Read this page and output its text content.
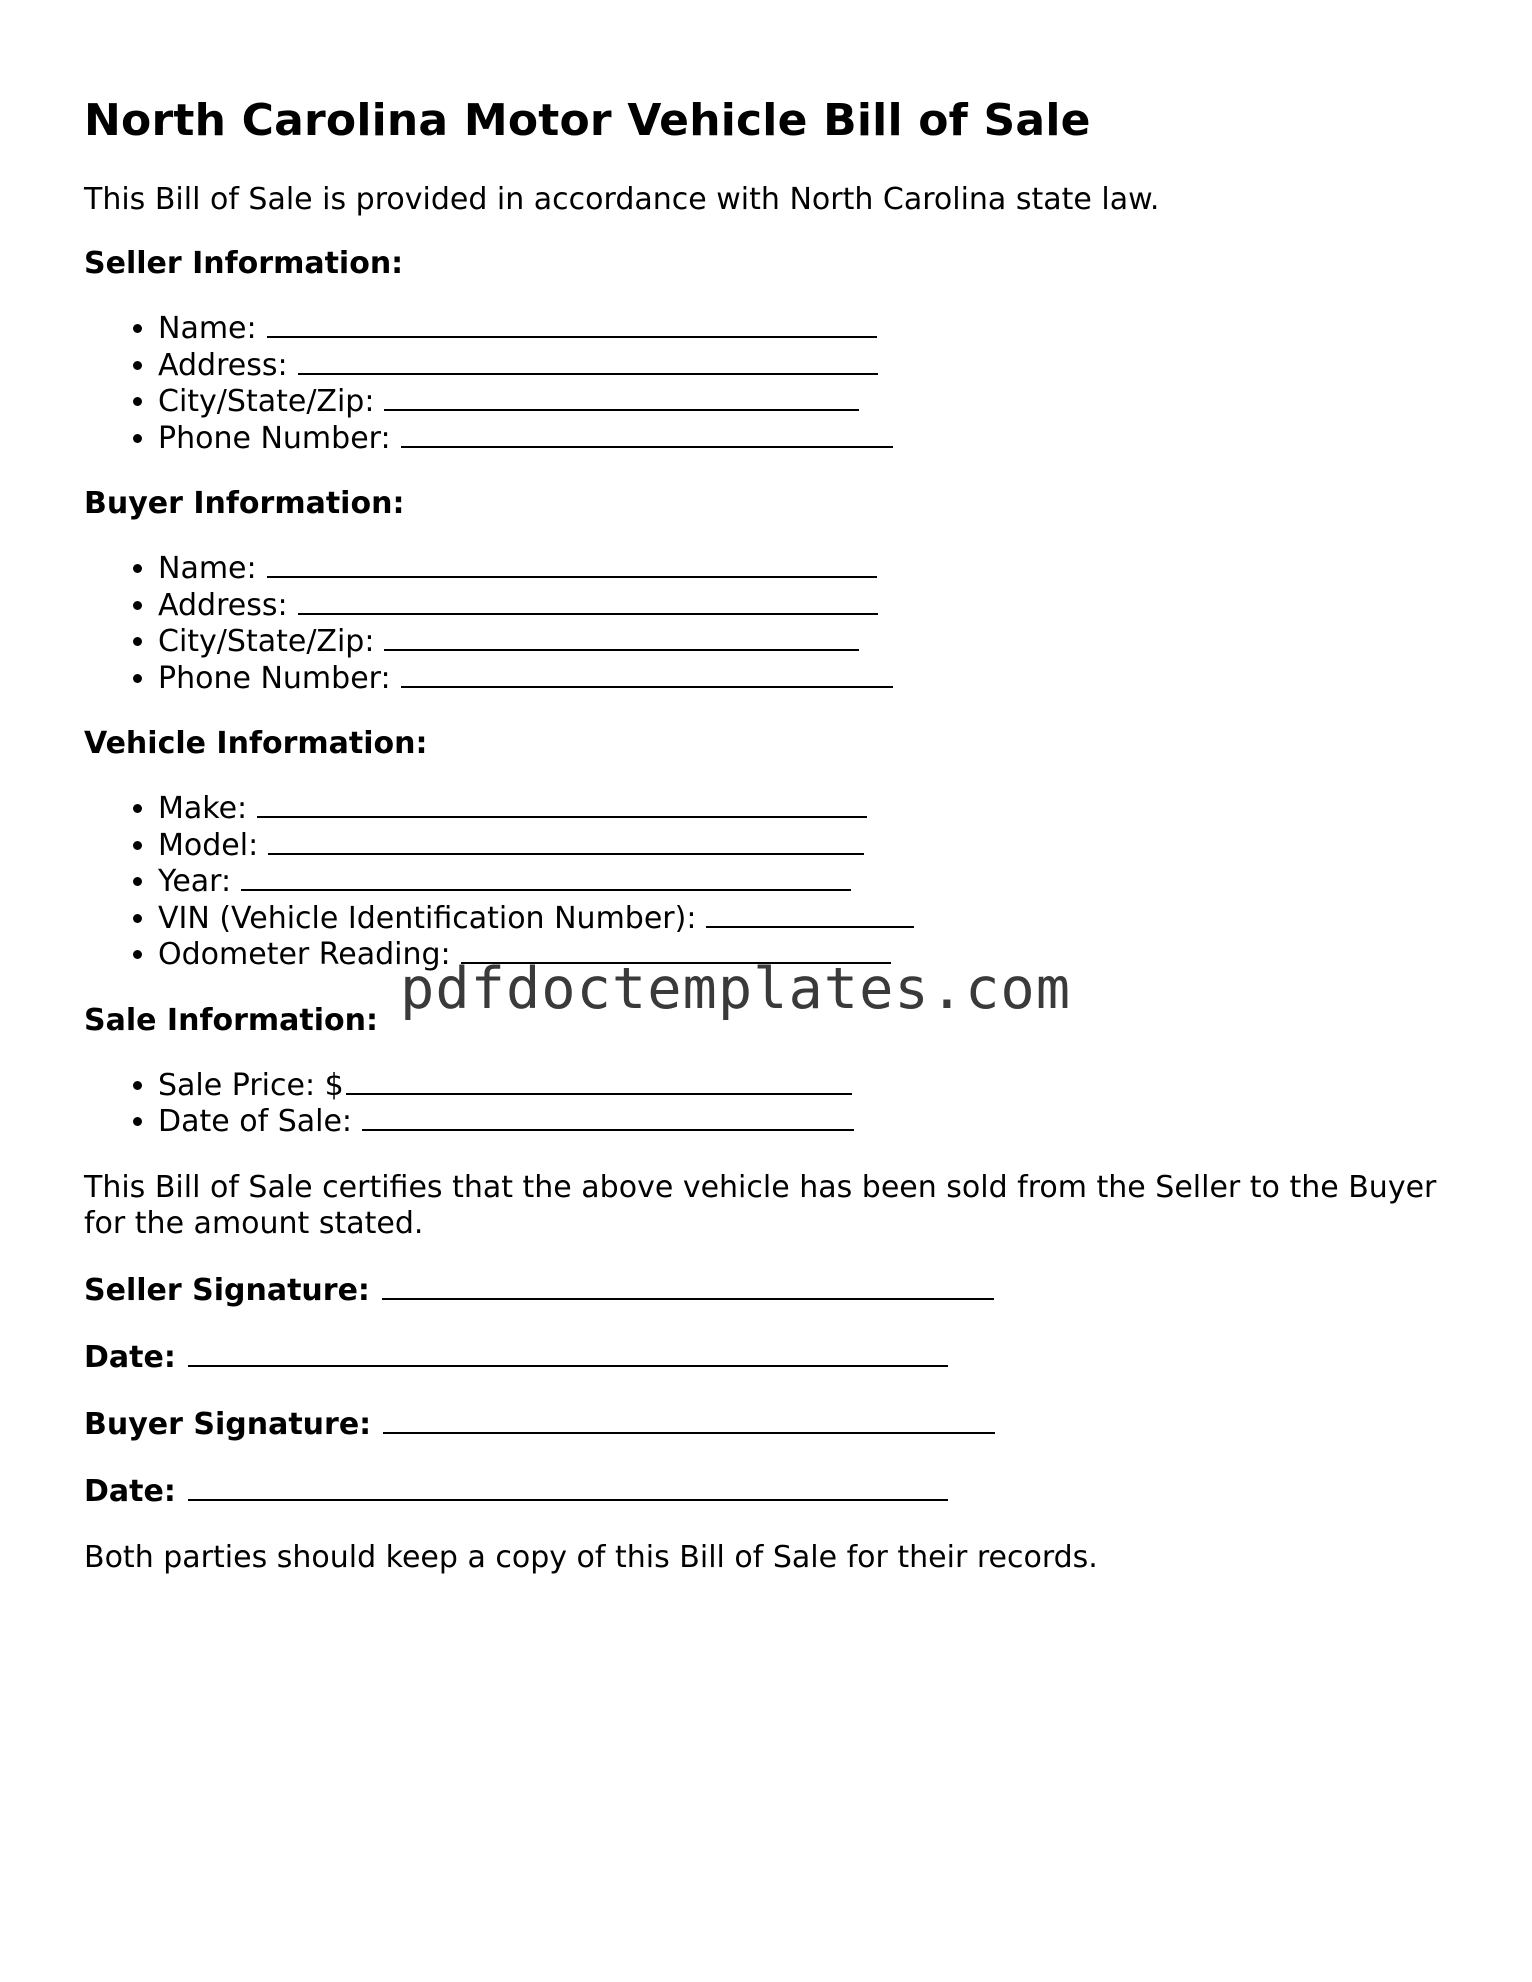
North Carolina Motor Vehicle Bill of Sale

This Bill of Sale is provided in accordance with North Carolina state law.

Seller Information:
• Name:
• Address:
• City/State/Zip:
• Phone Number:
Buyer Information:
• Name:
• Address:
• City/State/Zip:
• Phone Number:
Vehicle Information:
• Make:
• Model:
• Year:
• VIN (Vehicle Identification Number):
• Odometer Reading:
Sale Information:
• Sale Price: $
• Date of Sale:

This Bill of Sale certifies that the above vehicle has been sold from the Seller to the Buyer for the amount stated.

Seller Signature:
Date:
Buyer Signature:
Date:

Both parties should keep a copy of this Bill of Sale for their records.

pdfdoctemplates.com
